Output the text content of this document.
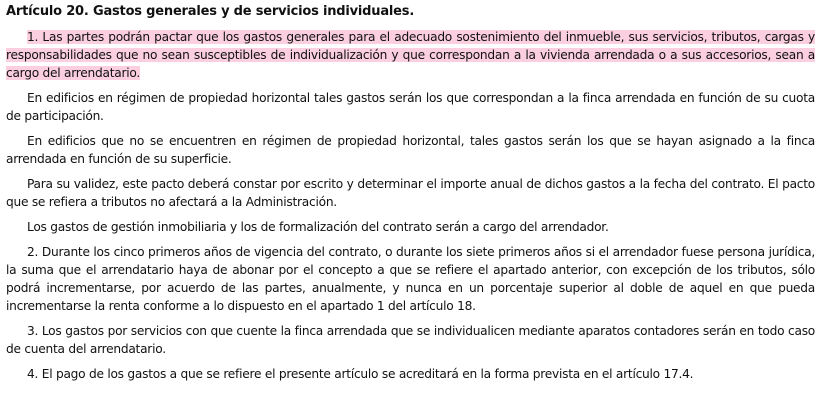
Artículo 20. Gastos generales y de servicios individuales.

1. Las partes podrán pactar que los gastos generales para el adecuado sostenimiento del inmueble, sus servicios, tributos, cargas y responsabilidades que no sean susceptibles de individualización y que correspondan a la vivienda arrendada o a sus accesorios, sean a cargo del arrendatario.

En edificios en régimen de propiedad horizontal tales gastos serán los que correspondan a la finca arrendada en función de su cuota de participación.

En edificios que no se encuentren en régimen de propiedad horizontal, tales gastos serán los que se hayan asignado a la finca arrendada en función de su superficie.

Para su validez, este pacto deberá constar por escrito y determinar el importe anual de dichos gastos a la fecha del contrato. El pacto que se refiera a tributos no afectará a la Administración.

Los gastos de gestión inmobiliaria y los de formalización del contrato serán a cargo del arrendador.

2. Durante los cinco primeros años de vigencia del contrato, o durante los siete primeros años si el arrendador fuese persona jurídica, la suma que el arrendatario haya de abonar por el concepto a que se refiere el apartado anterior, con excepción de los tributos, sólo podrá incrementarse, por acuerdo de las partes, anualmente, y nunca en un porcentaje superior al doble de aquel en que pueda incrementarse la renta conforme a lo dispuesto en el apartado 1 del artículo 18.

3. Los gastos por servicios con que cuente la finca arrendada que se individualicen mediante aparatos contadores serán en todo caso de cuenta del arrendatario.

4. El pago de los gastos a que se refiere el presente artículo se acreditará en la forma prevista en el artículo 17.4.
